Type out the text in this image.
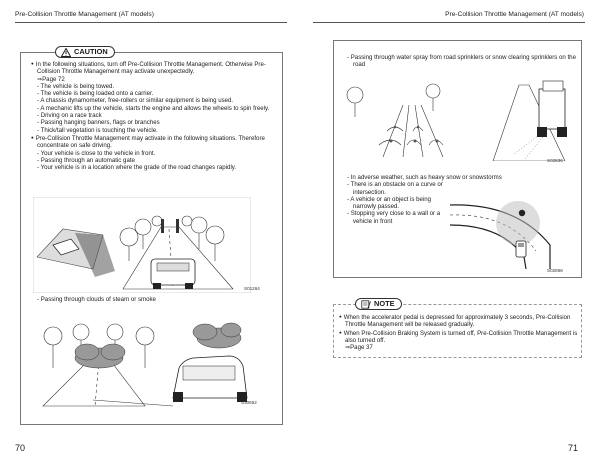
Pre-Collision Throttle Management (AT models)	Pre-Collision Throttle Management (AT models)
CAUTION
● In the following situations, turn off Pre-Collision Throttle Management. Otherwise Pre-Collision Throttle Management may activate unexpectedly.
⇒ Page 72
- The vehicle is being towed.
- The vehicle is being loaded onto a carrier.
- A chassis dynamometer, free-rollers or similar equipment is being used.
- A mechanic lifts up the vehicle, starts the engine and allows the wheels to spin freely.
- Driving on a race track
- Passing hanging banners, flags or branches
- Thick/tall vegetation is touching the vehicle.
● Pre-Collision Throttle Management may activate in the following situations. Therefore concentrate on safe driving.
- Your vehicle is close to the vehicle in front.
- Passing through an automatic gate
- Your vehicle is in a location where the grade of the road changes rapidly.
S01264
- Passing through clouds of steam or smoke
S30652
- Passing through water spray from road sprinklers or snow clearing sprinklers on the road
S02836
- In adverse weather, such as heavy snow or snowstorms
- There is an obstacle on a curve or intersection.
- A vehicle or an object is being narrowly passed.
- Stopping very close to a wall or a vehicle in front
S02868
NOTE
● When the accelerator pedal is depressed for approximately 3 seconds, Pre-Collision Throttle Management will be released gradually.
● When Pre-Collision Braking System is turned off, Pre-Collision Throttle Management is also turned off.
⇒ Page 37
70	71
